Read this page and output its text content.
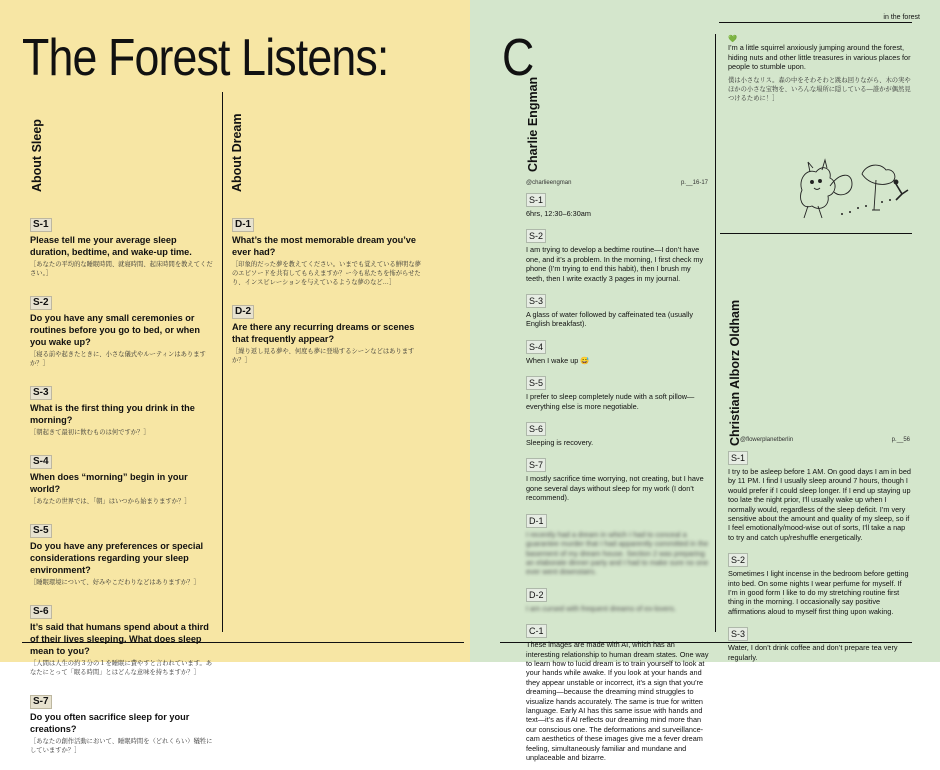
The Forest Listens:
About Sleep	About Dream
S-1
Please tell me your average sleep duration, bedtime, and wake-up time.
［あなたの平均的な睡眠時間、就寝時間、起床時間を教えてください。］
S-2
Do you have any small ceremonies or routines before you go to bed, or when you wake up?
［寝る前や起きたときに、小さな儀式やルーティンはありますか？］
S-3
What is the first thing you drink in the morning?
［朝起きて最初に飲むものは何ですか？］
S-4
When does “morning” begin in your world?
［あなたの世界では、「朝」はいつから始まりますか？］
S-5
Do you have any preferences or special considerations regarding your sleep environment?
［睡眠環境について、好みやこだわりなどはありますか？］
S-6
It’s said that humans spend about a third of their lives sleeping. What does sleep mean to you?
［人間は人生の約３分の１を睡眠に費やすと言われています。あなたにとって「眠る時間」とはどんな意味を持ちますか？］
S-7
Do you often sacrifice sleep for your creations?
［あなたの創作活動において、睡眠時間を（どれくらい）犠牲にしていますか？］
D-1
What’s the most memorable dream you’ve ever had?
［印象的だった夢を教えてください。いまでも覚えている鮮明な夢のエピソードを共有してもらえますか？ー今も私たちを怖がらせたり、インスピレーションを与えているような夢のなど…］
D-2
Are there any recurring dreams or scenes that frequently appear?
［繰り返し見る夢や、何度も夢に登場するシーンなどはありますか？］
C
in the forest
Charlie Engman
@charlieengman	p.__16-17
S-1
6hrs, 12:30–6:30am
S-2
I am trying to develop a bedtime routine—I don’t have one, and it’s a problem. In the morning, I first check my phone (I’m trying to end this habit), then I brush my teeth, then I write exactly 3 pages in my journal.
S-3
A glass of water followed by caffeinated tea (usually English breakfast).
S-4
When I wake up 😅
S-5
I prefer to sleep completely nude with a soft pillow—everything else is more negotiable.
S-6
Sleeping is recovery.
S-7
I mostly sacrifice time worrying, not creating, but I have gone several days without sleep for my work (I don’t recommend).
D-1
I recently had a dream in which I had to conceal a guarantee murder that I had apparently committed in the basement of my dream house. Section 2 was preparing an elaborate dinner party and I had to make sure no one ever went downstairs.
D-2
I am cursed with frequent dreams of ex-lovers.
C-1
These images are made with AI, which has an interesting relationship to human dream states. One way to learn how to lucid dream is to train yourself to look at your hands while awake. If you look at your hands and they appear unstable or incorrect, it’s a sign that you’re dreaming—because the dreaming mind struggles to visualize hands accurately. The same is true for written language. Early AI has this same issue with hands and text—it’s as if AI reflects our dreaming mind more than our conscious one. The deformations and surveillance-cam aesthetics of these images give me a fever dream feeling, simultaneously familiar and mundane and unplaceable and bizarre.
💚
I’m a little squirrel anxiously jumping around the forest, hiding nuts and other little treasures in various places for people to stumble upon.
僕は小さなリス。森の中をそわそわと跳ね回りながら、木の実やほかの小さな宝物を、いろんな場所に隠している—誰かが偶然見つけるために！］
Christian Alborz Oldham
@flowerplanetberlin	p.__56
S-1
I try to be asleep before 1 AM. On good days I am in bed by 11 PM. I find I usually sleep around 7 hours, though I would prefer if I could sleep longer. If I end up staying up too late the night prior, I’ll usually wake up when I normally would, regardless of the sleep deficit. I’m very sensitive about the amount and quality of my sleep, so if I feel emotionally/mood-wise out of sorts, I’ll take a nap to try and catch up/reshuffle energetically.
S-2
Sometimes I light incense in the bedroom before getting into bed. On some nights I wear perfume for myself. If I’m in good form I like to do my stretching routine first thing in the morning. I occasionally say positive affirmations aloud to myself first thing upon waking.
S-3
Water, I don’t drink coffee and don’t prepare tea very regularly.
